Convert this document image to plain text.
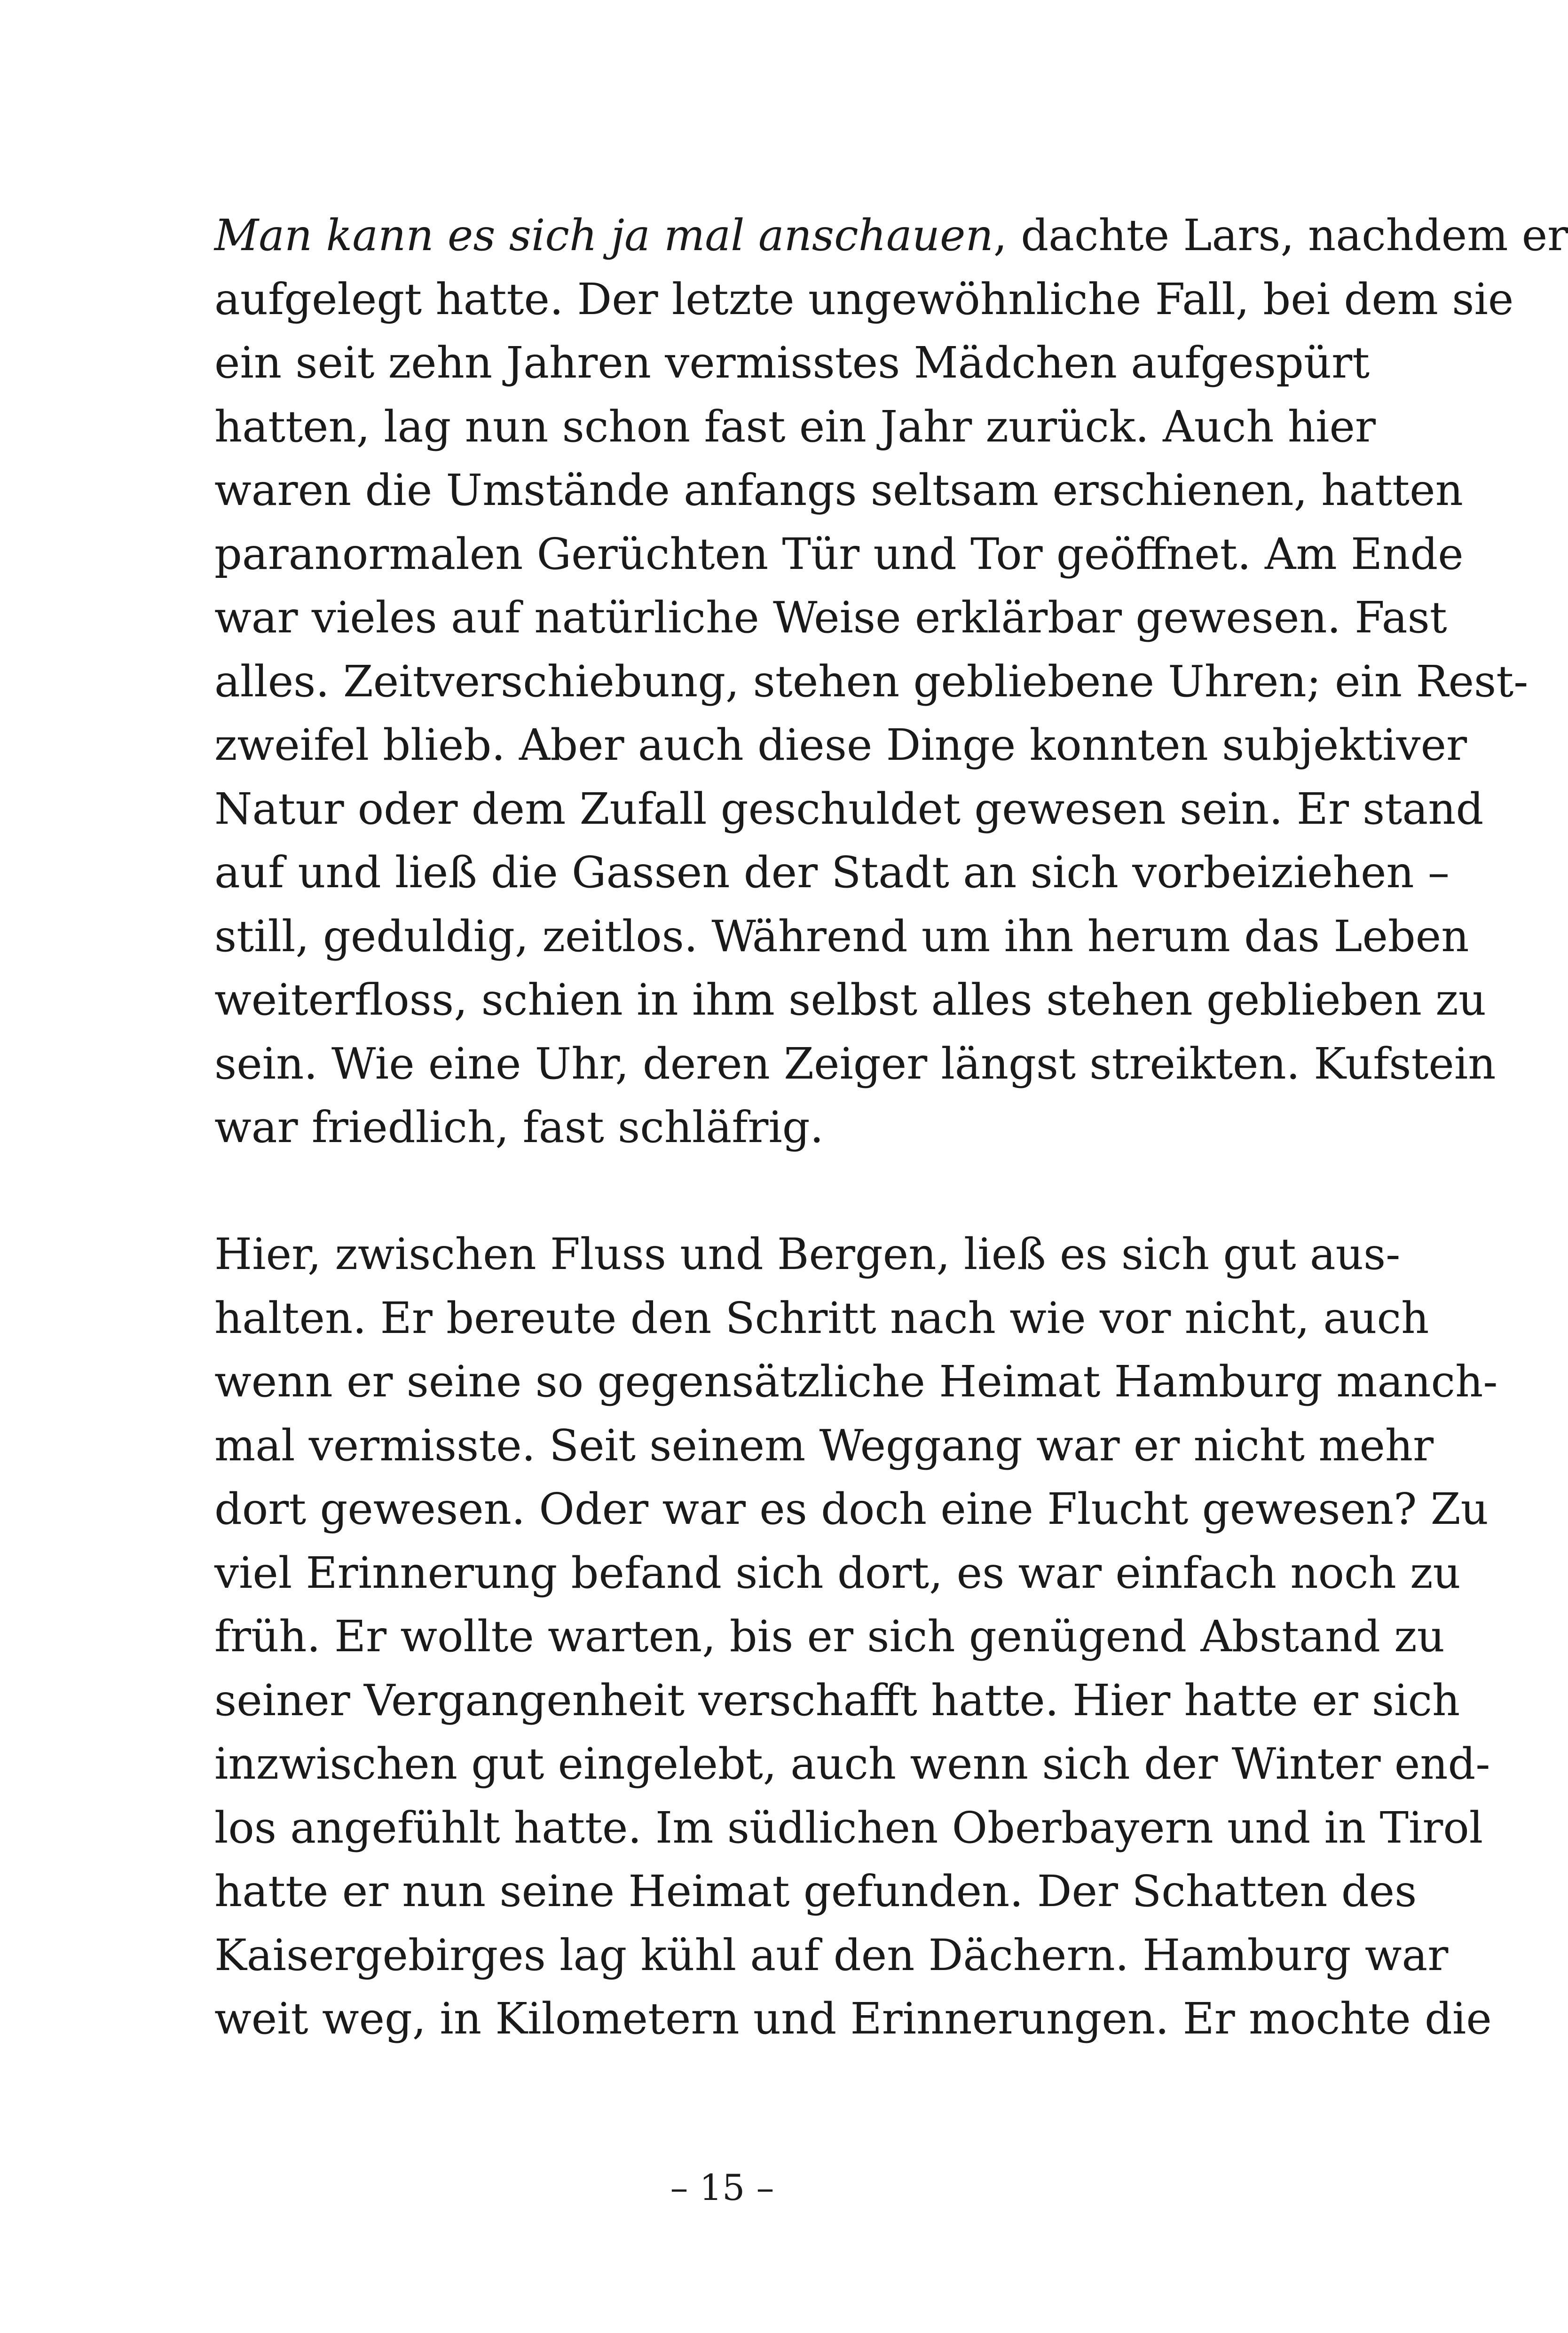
Man kann es sich ja mal anschauen, dachte Lars, nachdem er
aufgelegt hatte. Der letzte ungewöhnliche Fall, bei dem sie
ein seit zehn Jahren vermisstes Mädchen aufgespürt
hatten, lag nun schon fast ein Jahr zurück. Auch hier
waren die Umstände anfangs seltsam erschienen, hatten
paranormalen Gerüchten Tür und Tor geöffnet. Am Ende
war vieles auf natürliche Weise erklärbar gewesen. Fast
alles. Zeitverschiebung, stehen gebliebene Uhren; ein Rest-
zweifel blieb. Aber auch diese Dinge konnten subjektiver
Natur oder dem Zufall geschuldet gewesen sein. Er stand
auf und ließ die Gassen der Stadt an sich vorbeiziehen –
still, geduldig, zeitlos. Während um ihn herum das Leben
weiterfloss, schien in ihm selbst alles stehen geblieben zu
sein. Wie eine Uhr, deren Zeiger längst streikten. Kufstein
war friedlich, fast schläfrig.
Hier, zwischen Fluss und Bergen, ließ es sich gut aus-
halten. Er bereute den Schritt nach wie vor nicht, auch
wenn er seine so gegensätzliche Heimat Hamburg manch-
mal vermisste. Seit seinem Weggang war er nicht mehr
dort gewesen. Oder war es doch eine Flucht gewesen? Zu
viel Erinnerung befand sich dort, es war einfach noch zu
früh. Er wollte warten, bis er sich genügend Abstand zu
seiner Vergangenheit verschafft hatte. Hier hatte er sich
inzwischen gut eingelebt, auch wenn sich der Winter end-
los angefühlt hatte. Im südlichen Oberbayern und in Tirol
hatte er nun seine Heimat gefunden. Der Schatten des
Kaisergebirges lag kühl auf den Dächern. Hamburg war
weit weg, in Kilometern und Erinnerungen. Er mochte die
– 15 –
